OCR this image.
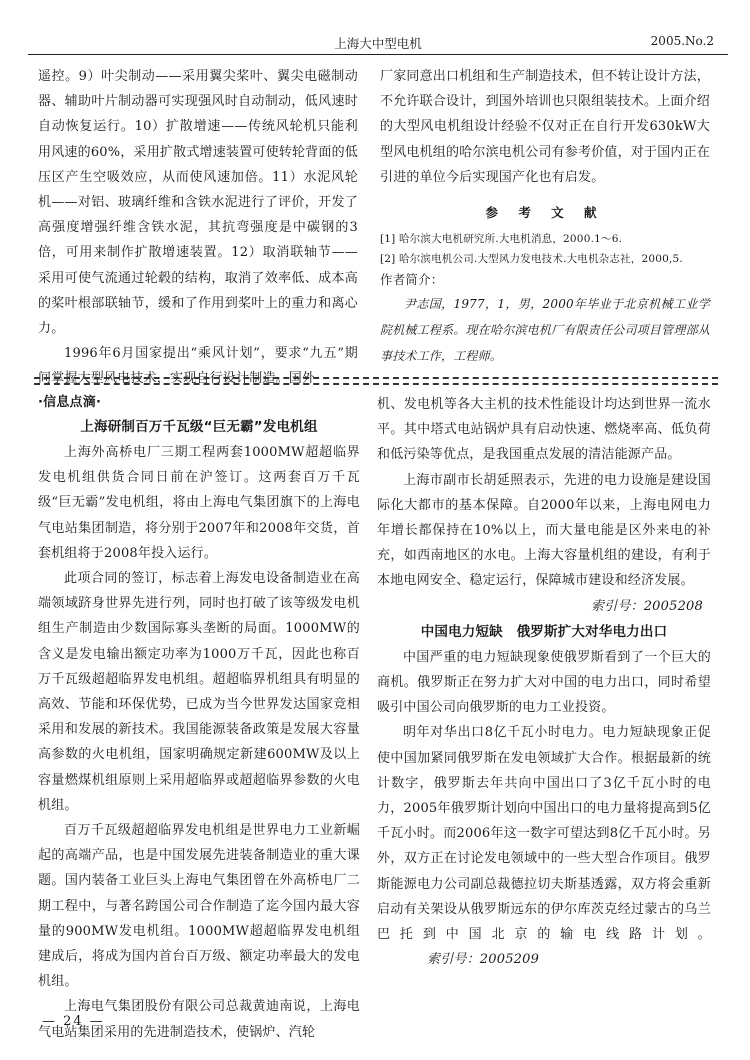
上海大中型电机	2005.No.2

遥控。9）叶尖制动——采用翼尖桨叶、翼尖电磁制动器、辅助叶片制动器可实现强风时自动制动，低风速时自动恢复运行。10）扩散增速——传统风轮机只能利用风速的60%，采用扩散式增速装置可使转轮背面的低压区产生空吸效应，从而使风速加倍。11）水泥风轮机——对铝、玻璃纤维和含铁水泥进行了评价，开发了高强度增强纤维含铁水泥，其抗弯强度是中碳钢的3倍，可用来制作扩散增速装置。12）取消联轴节——采用可使气流通过轮毂的结构，取消了效率低、成本高的桨叶根部联轴节，缓和了作用到桨叶上的重力和离心力。

1996年6月国家提出“乘风计划”，要求“九五”期间掌握大型风电技术，实现自行设计制造。国外

厂家同意出口机组和生产制造技术，但不转让设计方法，不允许联合设计，到国外培训也只限组装技术。上面介绍的大型风电机组设计经验不仅对正在自行开发630kW大型风电机组的哈尔滨电机公司有参考价值，对于国内正在引进的单位今后实现国产化也有启发。

参 考 文 献
[1] 哈尔滨大电机研究所.大电机消息，2000.1～6.
[2] 哈尔滨电机公司.大型风力发电技术.大电机杂志社，2000,5.
作者简介：
尹志国，1977，1，男，2000年毕业于北京机械工业学院机械工程系。现在哈尔滨电机厂有限责任公司项目管理部从事技术工作，工程师。
·信息点滴·
上海研制百万千瓦级“巨无霸”发电机组

上海外高桥电厂三期工程两套1000MW超超临界发电机组供货合同日前在沪签订。这两套百万千瓦级“巨无霸”发电机组，将由上海电气集团旗下的上海电气电站集团制造，将分别于2007年和2008年交货，首套机组将于2008年投入运行。

此项合同的签订，标志着上海发电设备制造业在高端领域跻身世界先进行列，同时也打破了该等级发电机组生产制造由少数国际寡头垄断的局面。1000MW的含义是发电输出额定功率为1000万千瓦，因此也称百万千瓦级超超临界发电机组。超超临界机组具有明显的高效、节能和环保优势，已成为当今世界发达国家竞相采用和发展的新技术。我国能源装备政策是发展大容量高参数的火电机组，国家明确规定新建600MW及以上容量燃煤机组原则上采用超临界或超超临界参数的火电机组。

百万千瓦级超超临界发电机组是世界电力工业新崛起的高端产品，也是中国发展先进装备制造业的重大课题。国内装备工业巨头上海电气集团曾在外高桥电厂二期工程中，与著名跨国公司合作制造了迄今国内最大容量的900MW发电机组。1000MW超超临界发电机组建成后，将成为国内首台百万级、额定功率最大的发电机组。

上海电气集团股份有限公司总裁黄迪南说，上海电气电站集团采用的先进制造技术，使锅炉、汽轮

机、发电机等各大主机的技术性能设计均达到世界一流水平。其中塔式电站锅炉具有启动快速、燃烧率高、低负荷和低污染等优点，是我国重点发展的清洁能源产品。

上海市副市长胡延照表示，先进的电力设施是建设国际化大都市的基本保障。自2000年以来，上海电网电力年增长都保持在10%以上，而大量电能是区外来电的补充，如西南地区的水电。上海大容量机组的建设，有利于本地电网安全、稳定运行，保障城市建设和经济发展。

索引号：2005208
中国电力短缺　俄罗斯扩大对华电力出口

中国严重的电力短缺现象使俄罗斯看到了一个巨大的商机。俄罗斯正在努力扩大对中国的电力出口，同时希望吸引中国公司向俄罗斯的电力工业投资。

明年对华出口8亿千瓦小时电力。电力短缺现象正促使中国加紧同俄罗斯在发电领域扩大合作。根据最新的统计数字，俄罗斯去年共向中国出口了3亿千瓦小时的电力，2005年俄罗斯计划向中国出口的电力量将提高到5亿千瓦小时。而2006年这一数字可望达到8亿千瓦小时。另外，双方正在讨论发电领域中的一些大型合作项目。俄罗斯能源电力公司副总裁德拉切夫斯基透露，双方将会重新启动有关架设从俄罗斯远东的伊尔库茨克经过蒙古的乌兰巴托到中国北京的输电线路计划。索引号：2005209

— 24 —
